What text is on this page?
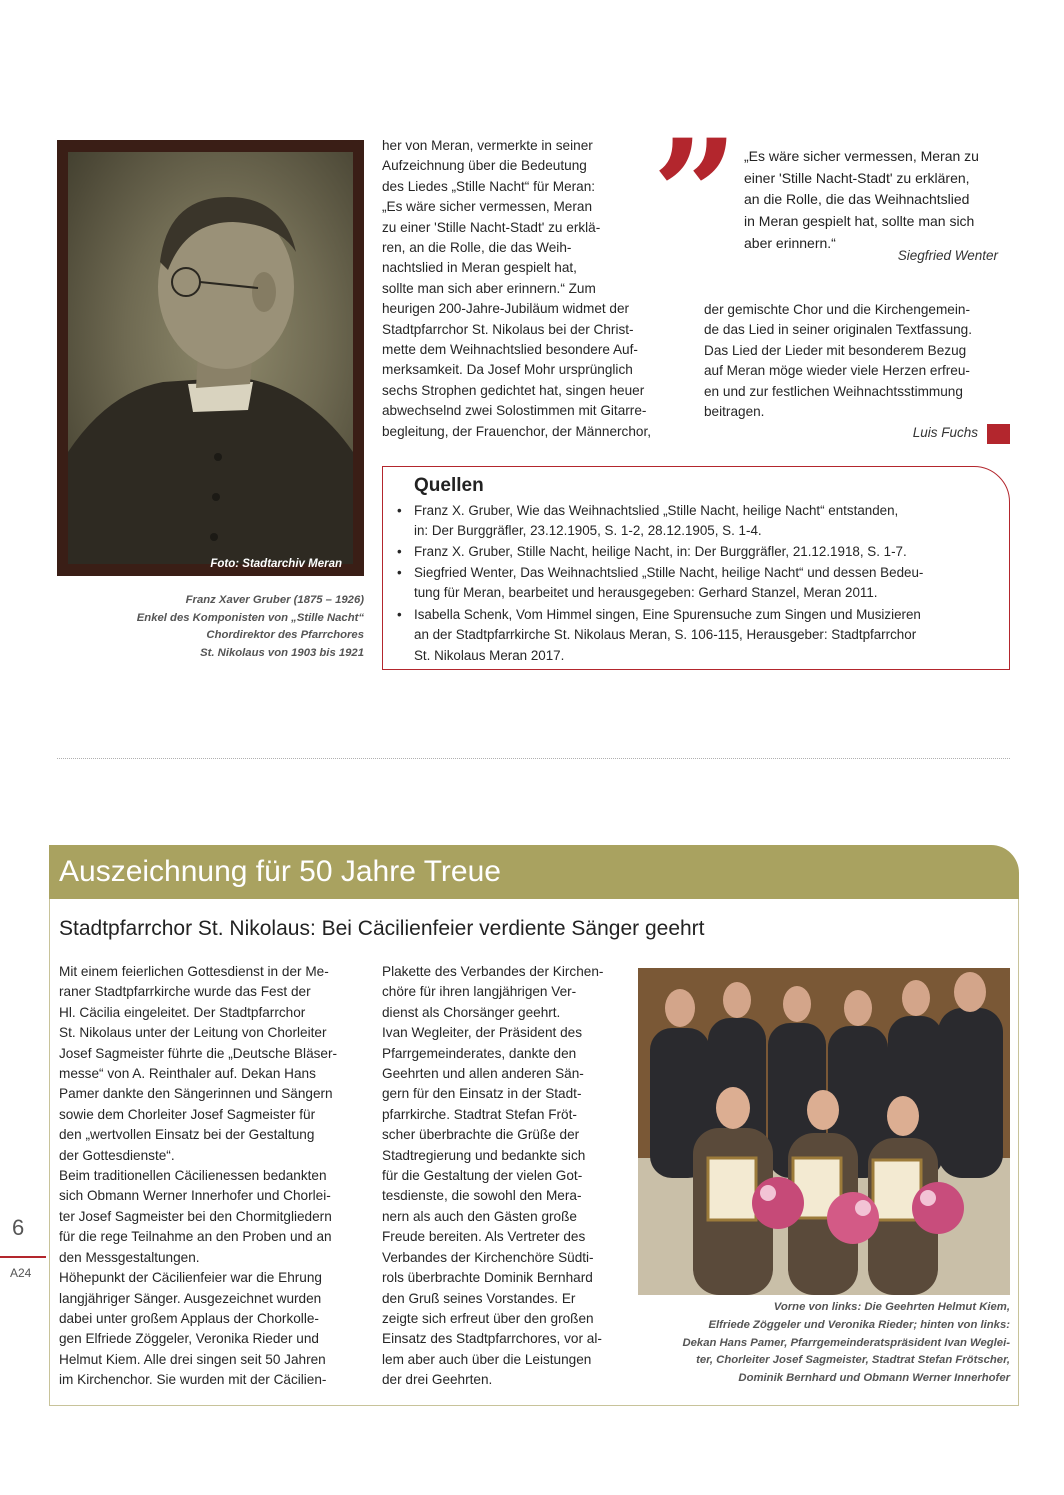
Foto: Stadtarchiv Meran
Franz Xaver Gruber (1875 – 1926)
Enkel des Komponisten von „Stille Nacht“
Chordirektor des Pfarrchores
St. Nikolaus von 1903 bis 1921

her von Meran, vermerkte in seiner

Aufzeichnung über die Bedeutung

des Liedes „Stille Nacht“ für Meran:

„Es wäre sicher vermessen, Meran

zu einer 'Stille Nacht-Stadt' zu erklä-

ren, an die Rolle, die das Weih-

nachtslied in Meran gespielt hat,

sollte man sich aber erinnern.“ Zum

heurigen 200-Jahre-Jubiläum widmet der

Stadtpfarrchor St. Nikolaus bei der Christ-

mette dem Weihnachtslied besondere Auf-

merksamkeit. Da Josef Mohr ursprünglich

sechs Strophen gedichtet hat, singen heuer

abwechselnd zwei Solostimmen mit Gitarre-

begleitung, der Frauenchor, der Männerchor,

” „Es wäre sicher vermessen, Meran zu
einer 'Stille Nacht-Stadt' zu erklären,
an die Rolle, die das Weihnachtslied
in Meran gespielt hat, sollte man sich
aber erinnern.“
Siegfried Wenter

der gemischte Chor und die Kirchengemein-

de das Lied in seiner originalen Textfassung.

Das Lied der Lieder mit besonderem Bezug

auf Meran möge wieder viele Herzen erfreu-

en und zur festlichen Weihnachtsstimmung

beitragen.

Luis Fuchs
Quellen
• Franz X. Gruber, Wie das Weihnachtslied „Stille Nacht, heilige Nacht“ entstanden,
in: Der Burggräfler, 23.12.1905, S. 1-2, 28.12.1905, S. 1-4.
• Franz X. Gruber, Stille Nacht, heilige Nacht, in: Der Burggräfler, 21.12.1918, S. 1-7.
• Siegfried Wenter, Das Weihnachtslied „Stille Nacht, heilige Nacht“ und dessen Bedeu-
tung für Meran, bearbeitet und herausgegeben: Gerhard Stanzel, Meran 2011.
• Isabella Schenk, Vom Himmel singen, Eine Spurensuche zum Singen und Musizieren
an der Stadtpfarrkirche St. Nikolaus Meran, S. 106-115, Herausgeber: Stadtpfarrchor
St. Nikolaus Meran 2017.
Auszeichnung für 50 Jahre Treue
Stadtpfarrchor St. Nikolaus: Bei Cäcilienfeier verdiente Sänger geehrt

Mit einem feierlichen Gottesdienst in der Me-

raner Stadtpfarrkirche wurde das Fest der

Hl. Cäcilia eingeleitet. Der Stadtpfarrchor

St. Nikolaus unter der Leitung von Chorleiter

Josef Sagmeister führte die „Deutsche Bläser-

messe“ von A. Reinthaler auf. Dekan Hans

Pamer dankte den Sängerinnen und Sängern

sowie dem Chorleiter Josef Sagmeister für

den „wertvollen Einsatz bei der Gestaltung

der Gottesdienste“.

Beim traditionellen Cäcilienessen bedankten

sich Obmann Werner Innerhofer und Chorlei-

ter Josef Sagmeister bei den Chormitgliedern

für die rege Teilnahme an den Proben und an

den Messgestaltungen.

Höhepunkt der Cäcilienfeier war die Ehrung

langjähriger Sänger. Ausgezeichnet wurden

dabei unter großem Applaus der Chorkolle-

gen Elfriede Zöggeler, Veronika Rieder und

Helmut Kiem. Alle drei singen seit 50 Jahren

im Kirchenchor. Sie wurden mit der Cäcilien-

Plakette des Verbandes der Kirchen-

chöre für ihren langjährigen Ver-

dienst als Chorsänger geehrt.

Ivan Wegleiter, der Präsident des

Pfarrgemeinderates, dankte den

Geehrten und allen anderen Sän-

gern für den Einsatz in der Stadt-

pfarrkirche. Stadtrat Stefan Fröt-

scher überbrachte die Grüße der

Stadtregierung und bedankte sich

für die Gestaltung der vielen Got-

tesdienste, die sowohl den Mera-

nern als auch den Gästen große

Freude bereiten. Als Vertreter des

Verbandes der Kirchenchöre Südti-

rols überbrachte Dominik Bernhard

den Gruß seines Vorstandes. Er

zeigte sich erfreut über den großen

Einsatz des Stadtpfarrchores, vor al-

lem aber auch über die Leistungen

der drei Geehrten.

Vorne von links: Die Geehrten Helmut Kiem,
Elfriede Zöggeler und Veronika Rieder; hinten von links:
Dekan Hans Pamer, Pfarrgemeinderatspräsident Ivan Weglei-
ter, Chorleiter Josef Sagmeister, Stadtrat Stefan Frötscher,
Dominik Bernhard und Obmann Werner Innerhofer
6
A24
